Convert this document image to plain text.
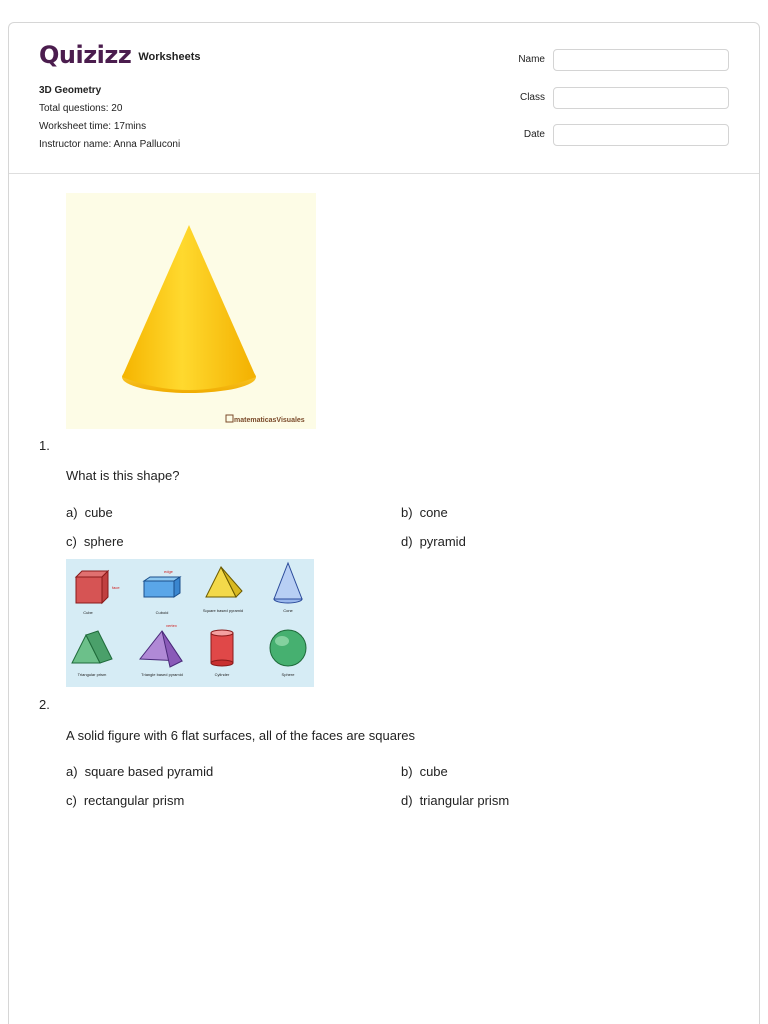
Quizizz Worksheets
3D Geometry
Total questions: 20
Worksheet time: 17mins
Instructor name: Anna Palluconi
Name
Class
Date
matematicasVisuales
1.
What is this shape?
a) cube	b) cone
c) sphere	d) pyramid
face
Cube
edge
Cuboid	Square based pyramid	Cone
Triangular prism
vertex
Triangle based pyramid	Cylinder	Sphere
2.
A solid figure with 6 flat surfaces, all of the faces are squares
a) square based pyramid	b) cube
c) rectangular prism	d) triangular prism
